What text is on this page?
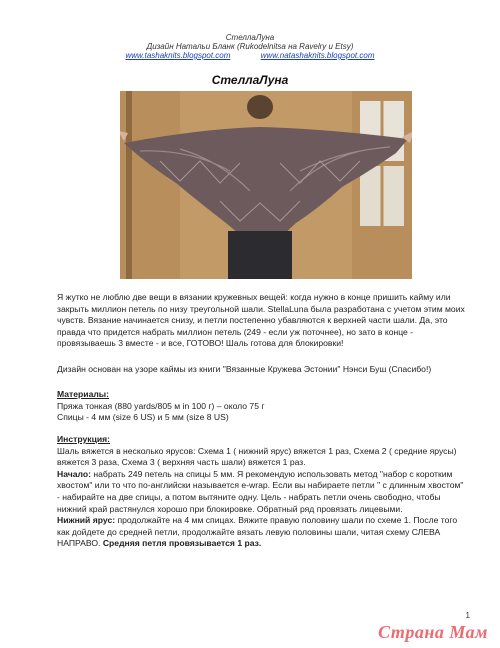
СтеллаЛуна
Дизайн Натальи Бланк (Rukodelnitsa на Ravelry и Etsy)
www.tashaknits.blogspot.com	www.natashaknits.blogspot.com
СтеллаЛуна
Я жутко не люблю две вещи в вязании кружевных вещей: когда нужно в конце пришить кайму или закрыть миллион петель по низу треугольной шали. StellaLuna была разработана с учетом этим моих чувств. Вязание начинается снизу, и петли постепенно убавляются к верхней части шали. Да, это правда что придется набрать миллион петель (249 - если уж поточнее), но зато в конце - провязываешь 3 вместе - и все, ГОТОВО! Шаль готова для блокировки!
Дизайн основан на узоре каймы из книги "Вязанные Кружева Эстонии" Нэнси Буш (Спасибо!)
Материалы:
Пряжа тонкая (880 yards/805 м in 100 г) – около 75 г
Спицы - 4 мм (size 6 US) и 5 мм (size 8 US)
Инструкция:
Шаль вяжется в несколько ярусов: Схема 1 ( нижний ярус) вяжется 1 раз, Схема 2 ( средние ярусы) вяжется 3 раза, Схема 3 ( верхняя часть шали) вяжется 1 раз.
Начало: набрать 249 петель на спицы 5 мм. Я рекомендую использовать метод "набор с коротким хвостом" или то что по-английски называется e-wrap. Если вы набираете петли " с длинным хвостом" - набирайте на две спицы, а потом вытяните одну. Цель - набрать петли очень свободно, чтобы нижний край растянулся хорошо при блокировке. Обратный ряд провязать лицевыми.
Нижний ярус: продолжайте на 4 мм спицах. Вяжите правую половину шали по схеме 1. После того как дойдете до средней петли, продолжайте вязать левую половины шали, читая схему СЛЕВА НАПРАВО. Средняя петля провязывается 1 раз.
1
Страна Мам
